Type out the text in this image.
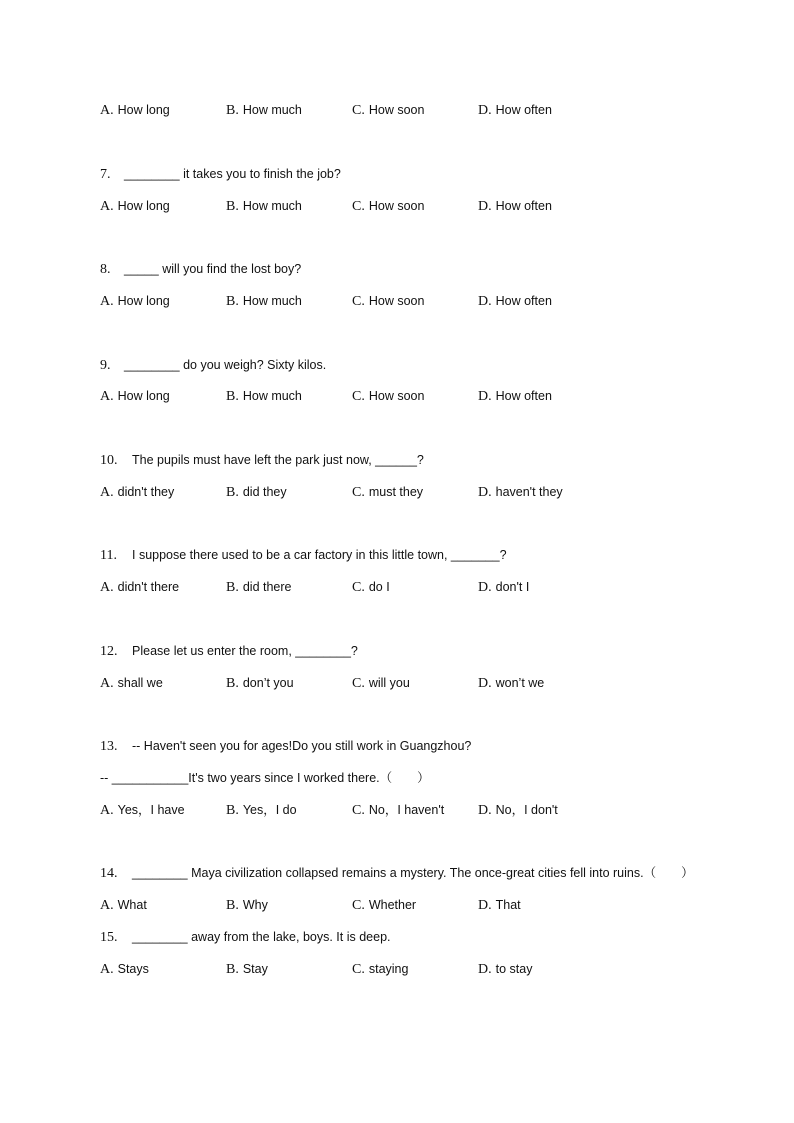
A. How long	B. How much	C. How soon	D. How often
7. ________ it takes you to finish the job?
A. How long	B. How much	C. How soon	D. How often
8. _____ will you find the lost boy?
A. How long	B. How much	C. How soon	D. How often
9. ________ do you weigh? Sixty kilos.
A. How long	B. How much	C. How soon	D. How often
10. The pupils must have left the park just now, ______?
A. didn't they	B. did they	C. must they	D. haven't they
11. I suppose there used to be a car factory in this little town, _______?
A. didn't there	B. did there	C. do I	D. don't I
12. Please let us enter the room, ________?
A. shall we	B. don’t you	C. will you	D. won’t we
13. -- Haven't seen you for ages!Do you still work in Guangzhou?
-- ___________It's two years since I worked there.（　　）
A. Yes，I have	B. Yes，I do	C. No，I haven't D. No，I don't
14. ________ Maya civilization collapsed remains a mystery. The once-great cities fell into ruins.（　　）
A. What	B. Why	C. Whether	D. That
15. ________ away from the lake, boys. It is deep.
A. Stays	B. Stay	C. staying	D. to stay
